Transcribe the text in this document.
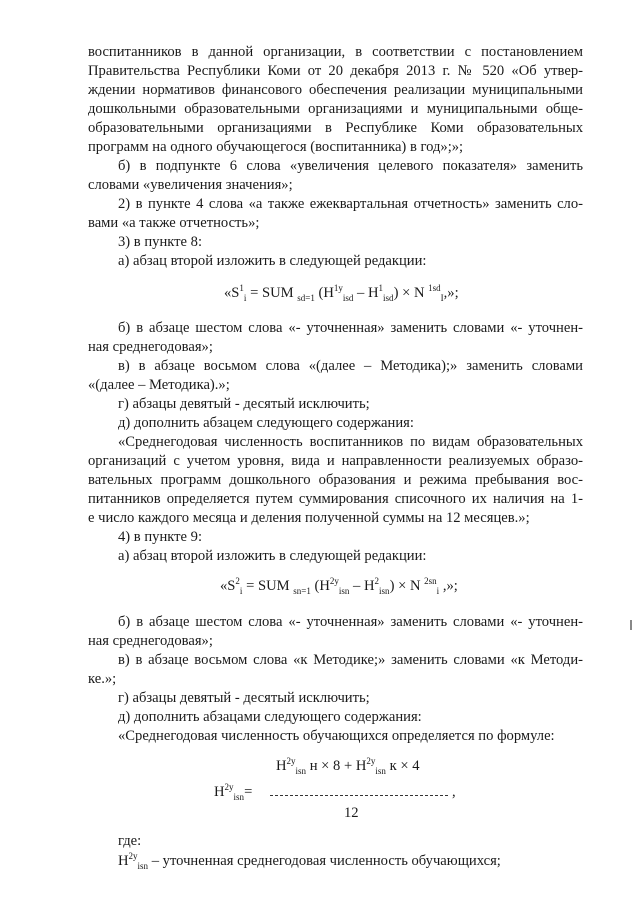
воспитанников в данной организации, в соответствии с постановлением
Правительства Республики Коми от 20 декабря 2013 г. № 520 «Об утвер-
ждении нормативов финансового обеспечения реализации муниципальными
дошкольными образовательными организациями и муниципальными обще-
образовательными организациями в Республике Коми образовательных
программ на одного обучающегося (воспитанника) в год»;»;
б) в подпункте 6 слова «увеличения целевого показателя» заменить
словами «увеличения значения»;
2) в пункте 4 слова «а также ежеквартальная отчетность» заменить сло-
вами «а также отчетность»;
3) в пункте 8:
а) абзац второй изложить в следующей редакции:
«$S^1_i$ = SUM $_{sd=1}$ $(H^{1y}_{isd} - H^1_{isd}) \times N$ $^{1sd}_I$,»;
б) в абзаце шестом слова «- уточненная» заменить словами «- уточнен-
ная среднегодовая»;
в) в абзаце восьмом слова «(далее – Методика);» заменить словами
«(далее – Методика).»;
г) абзацы девятый - десятый исключить;
д) дополнить абзацем следующего содержания:
«Среднегодовая численность воспитанников по видам образовательных
организаций с учетом уровня, вида и направленности реализуемых образо-
вательных программ дошкольного образования и режима пребывания вос-
питанников определяется путем суммирования списочного их наличия на 1-
е число каждого месяца и деления полученной суммы на 12 месяцев.»;
4) в пункте 9:
а) абзац второй изложить в следующей редакции:
«$S^2_i$ = SUM $_{sn=1}$ $(H^{2y}_{isn} - H^2_{isn}) \times N$ $^{2sn}_i$ ,»;
б) в абзаце шестом слова «- уточненная» заменить словами «- уточнен-
ная среднегодовая»;
в) в абзаце восьмом слова «к Методике;» заменить словами «к Методи-
ке.»;
г) абзацы девятый - десятый исключить;
д) дополнить абзацами следующего содержания:
«Среднегодовая численность обучающихся определяется по формуле:
$H^{2y}_{isn}$ $н \times 8 + H^{2y}_{isn}$ к × 4
$H^{2y}_{isn}=$	,
12
где:
$H^{2y}_{isn}$ – уточненная среднегодовая численность обучающихся;
